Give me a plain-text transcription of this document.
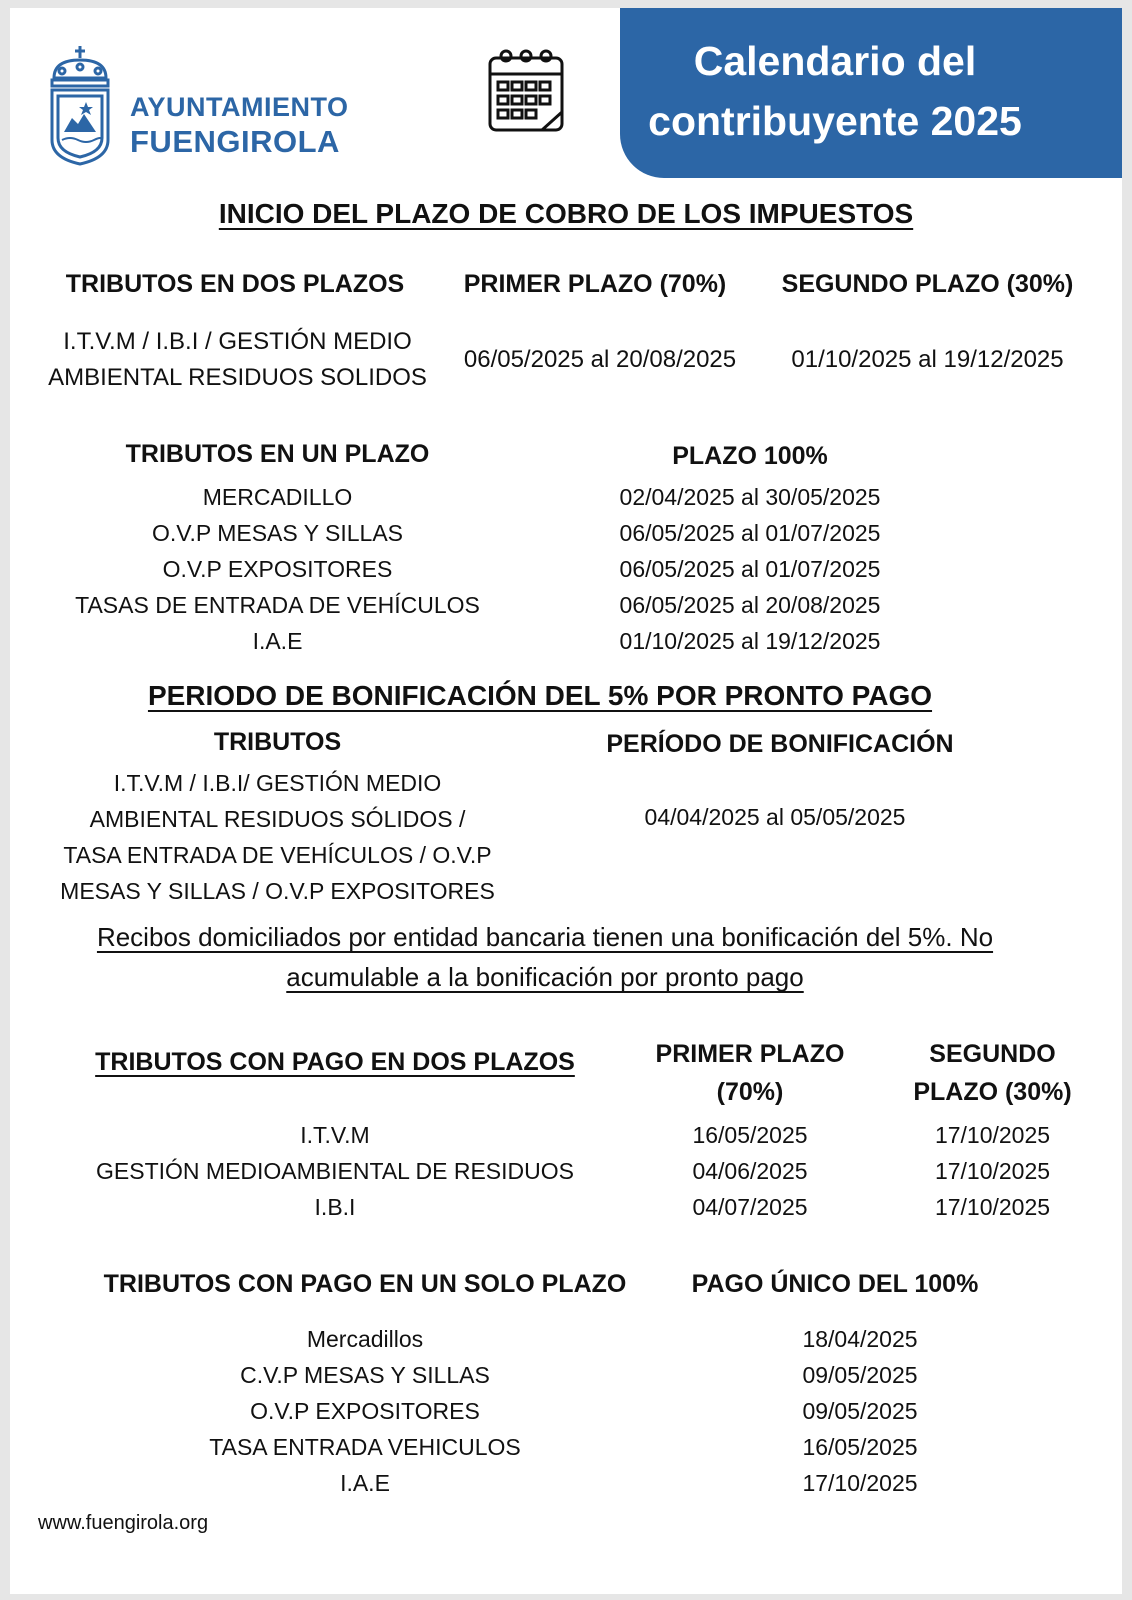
AYUNTAMIENTO
FUENGIROLA
Calendario del
contribuyente 2025
INICIO DEL PLAZO DE COBRO DE LOS IMPUESTOS
TRIBUTOS EN DOS PLAZOS	PRIMER PLAZO (70%)	SEGUNDO PLAZO (30%)
I.T.V.M / I.B.I / GESTIÓN MEDIO
AMBIENTAL RESIDUOS SOLIDOS
06/05/2025 al 20/08/2025	01/10/2025 al 19/12/2025
TRIBUTOS EN UN PLAZO	PLAZO 100%
MERCADILLO	02/04/2025 al 30/05/2025
O.V.P MESAS Y SILLAS	06/05/2025 al 01/07/2025
O.V.P EXPOSITORES	06/05/2025 al 01/07/2025
TASAS DE ENTRADA DE VEHÍCULOS	06/05/2025 al 20/08/2025
I.A.E	01/10/2025 al 19/12/2025
PERIODO DE BONIFICACIÓN DEL 5% POR PRONTO PAGO
TRIBUTOS	PERÍODO DE BONIFICACIÓN
I.T.V.M / I.B.I/ GESTIÓN MEDIO
AMBIENTAL RESIDUOS SÓLIDOS /
TASA ENTRADA DE VEHÍCULOS / O.V.P
MESAS Y SILLAS / O.V.P EXPOSITORES
04/04/2025 al 05/05/2025
Recibos domiciliados por entidad bancaria tienen una bonificación del 5%. No
acumulable a la bonificación por pronto pago
TRIBUTOS CON PAGO EN DOS PLAZOS	PRIMER PLAZO
(70%)
SEGUNDO
PLAZO (30%)
I.T.V.M	16/05/2025	17/10/2025
GESTIÓN MEDIOAMBIENTAL DE RESIDUOS	04/06/2025	17/10/2025
I.B.I	04/07/2025	17/10/2025
TRIBUTOS CON PAGO EN UN SOLO PLAZO	PAGO ÚNICO DEL 100%
Mercadillos	18/04/2025
C.V.P MESAS Y SILLAS	09/05/2025
O.V.P EXPOSITORES	09/05/2025
TASA ENTRADA VEHICULOS	16/05/2025
I.A.E	17/10/2025
www.fuengirola.org
